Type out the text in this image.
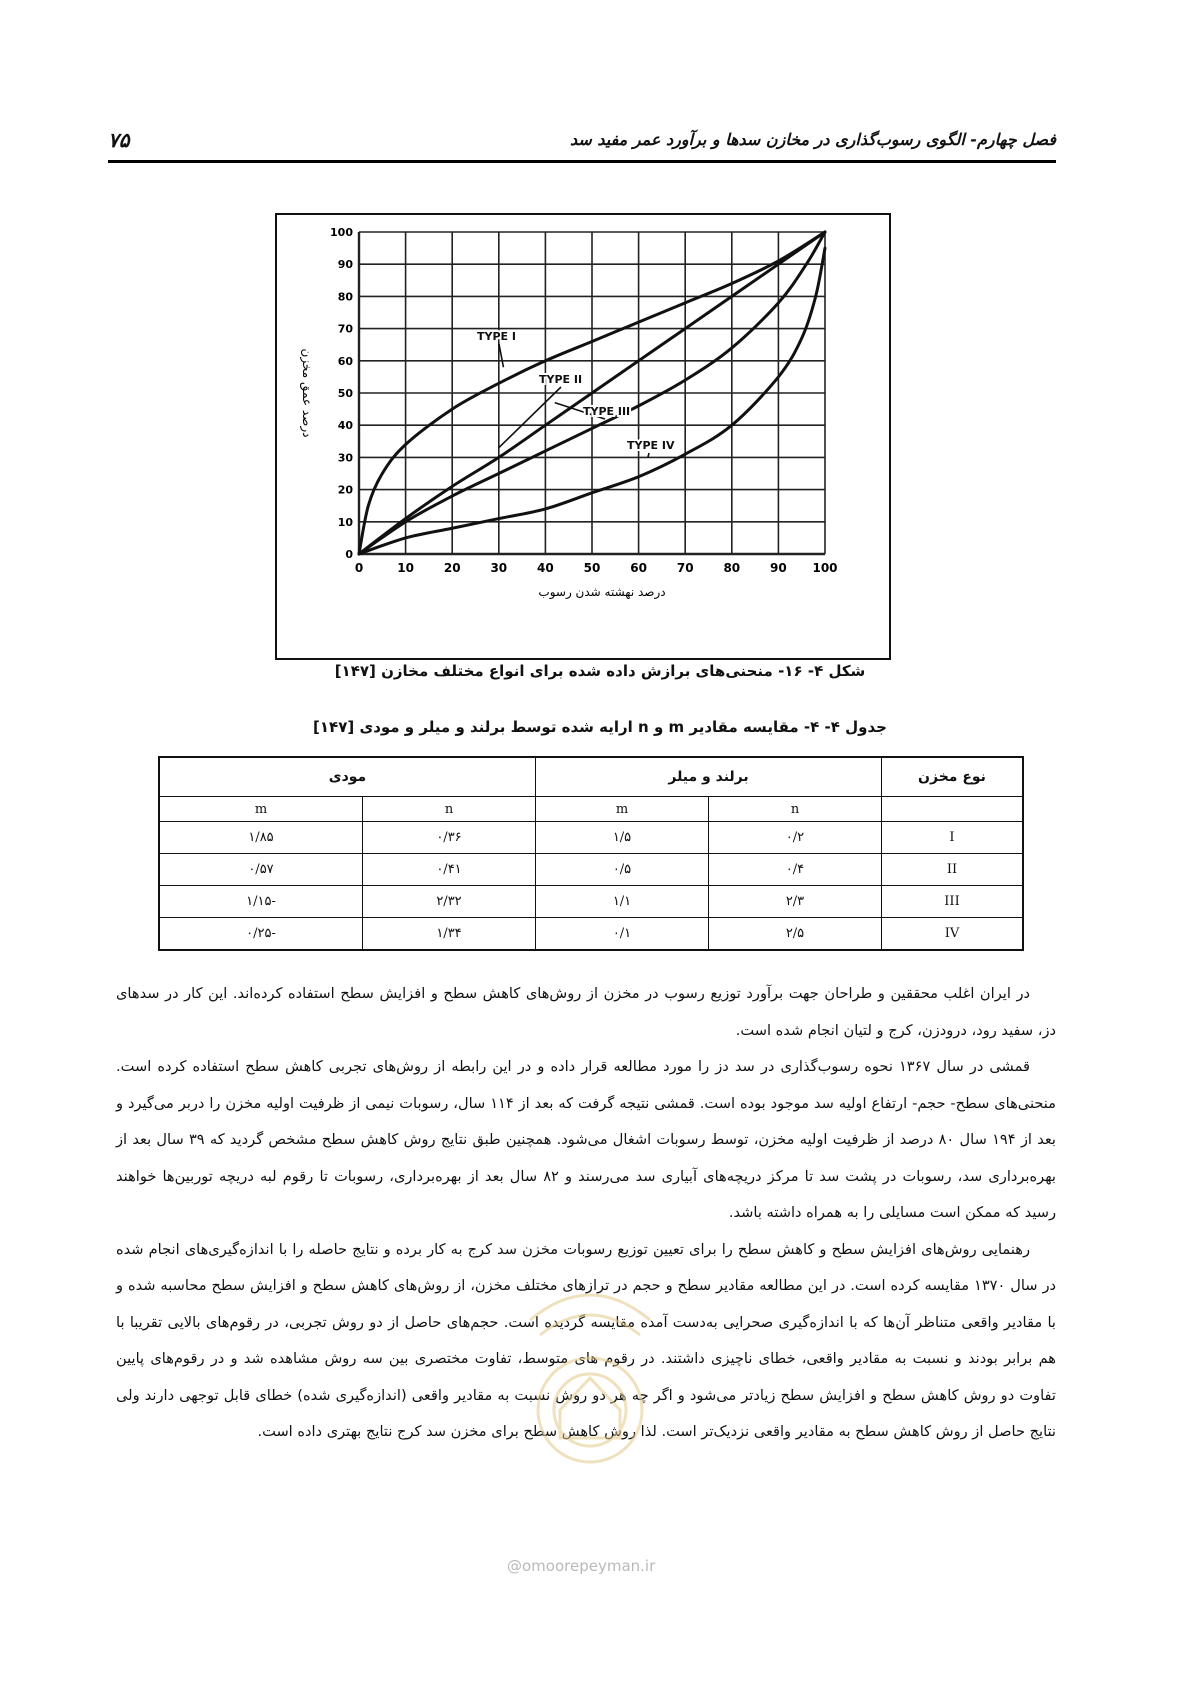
فصل چهارم- الگوی رسوب‌گذاری در مخازن سدها و برآورد عمر مفید سد
۷۵
0	10 20 30 40 50 60 70 80 90 100
0
10
20
30
40
50
60
70
80
90
100
درصد نهشته شدن رسوب
درصد عمق مخزن
TYPE I
TYPE II
TYPE III
TYPE IV
شکل ۴- ۱۶- منحنی‌های برازش داده شده برای انواع مختلف مخازن [۱۴۷]
جدول ۴- ۴- مقایسه مقادیر m و n ارایه شده توسط برلند و میلر و مودی [۱۴۷]
نوع مخزن	برلند و میلر		مودی	
	n	m	n	m
I	۰/۲	۱/۵	۰/۳۶	۱/۸۵
II	۰/۴	۰/۵	۰/۴۱	۰/۵۷
III	۲/۳	۱/۱	۲/۳۲	-۱/۱۵
IV	۲/۵	۰/۱	۱/۳۴	-۰/۲۵

در ایران اغلب محققین و طراحان جهت برآورد توزیع رسوب در مخزن از روش‌های کاهش سطح و افزایش سطح استفاده کرده‌اند. این کار در سدهای دز، سفید رود، درودزن، کرج و لتیان انجام شده است.

قمشی در سال ۱۳۶۷ نحوه رسوب‌گذاری در سد دز را مورد مطالعه قرار داده و در این رابطه از روش‌های تجربی کاهش سطح استفاده کرده است. منحنی‌های سطح- حجم- ارتفاع اولیه سد موجود بوده است. قمشی نتیجه گرفت که بعد از ۱۱۴ سال، رسوبات نیمی از ظرفیت اولیه مخزن را دربر می‌گیرد و بعد از ۱۹۴ سال ۸۰ درصد از ظرفیت اولیه مخزن، توسط رسوبات اشغال می‌شود. همچنین طبق نتایج روش کاهش سطح مشخص گردید که ۳۹ سال بعد از بهره‌برداری سد، رسوبات در پشت سد تا مرکز دریچه‌های آبیاری سد می‌رسند و ۸۲ سال بعد از بهره‌برداری، رسوبات تا رقوم لبه دریچه توربین‌ها خواهند رسید که ممکن است مسایلی را به همراه داشته باشد.

رهنمایی روش‌های افزایش سطح و کاهش سطح را برای تعیین توزیع رسوبات مخزن سد کرج به کار برده و نتایج حاصله را با اندازه‌گیری‌های انجام شده در سال ۱۳۷۰ مقایسه کرده است. در این مطالعه مقادیر سطح و حجم در ترازهای مختلف مخزن، از روش‌های کاهش سطح و افزایش سطح محاسبه شده و با مقادیر واقعی متناظر آن‌ها که با اندازه‌گیری صحرایی به‌دست آمده مقایسه گردیده است. حجم‌های حاصل از دو روش تجربی، در رقوم‌های بالایی تقریبا با هم برابر بودند و نسبت به مقادیر واقعی، خطای ناچیزی داشتند. در رقوم های متوسط، تفاوت مختصری بین سه روش مشاهده شد و در رقوم‌های پایین تفاوت دو روش کاهش سطح و افزایش سطح زیادتر می‌شود و اگر چه هر دو روش نسبت به مقادیر واقعی (اندازه‌گیری شده) خطای قابل توجهی دارند ولی نتایج حاصل از روش کاهش سطح به مقادیر واقعی نزدیک‌تر است. لذا روش کاهش سطح برای مخزن سد کرج نتایج بهتری داده است.

@omoorepeyman.ir
